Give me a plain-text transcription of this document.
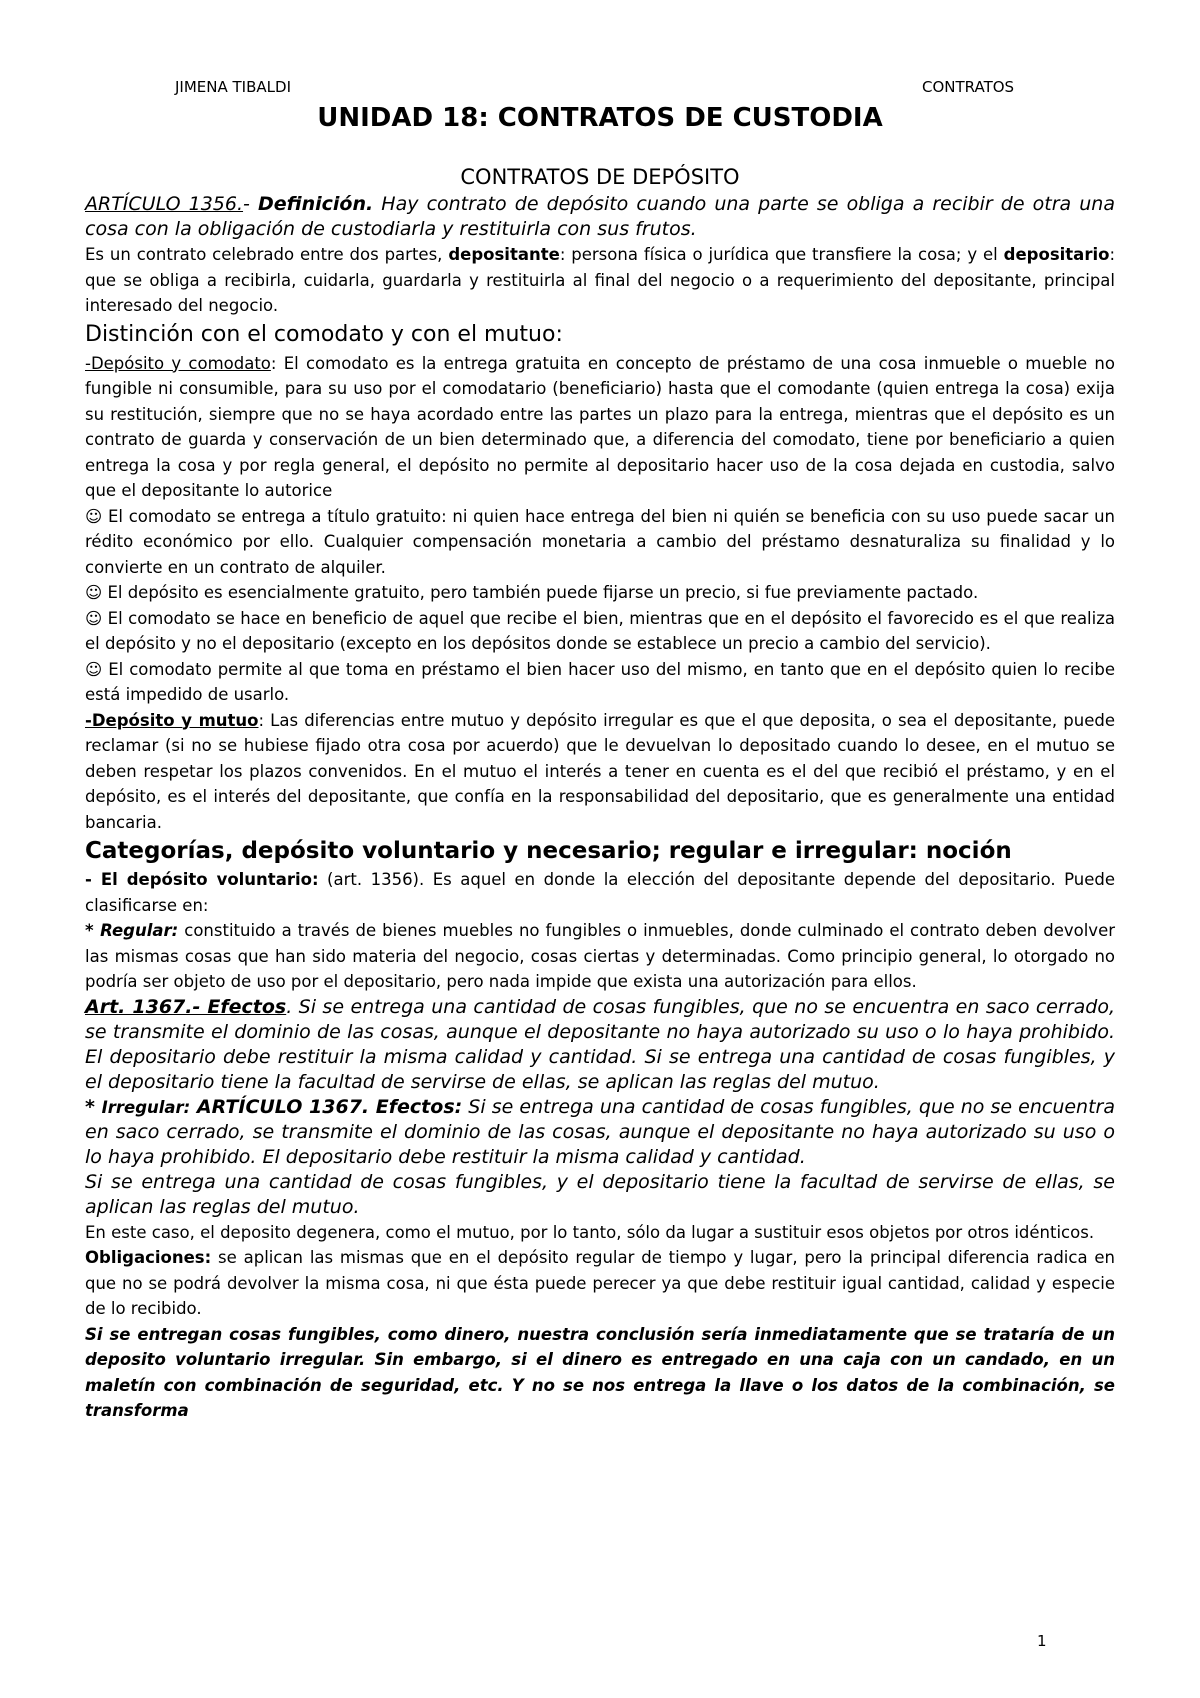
JIMENA TIBALDI	CONTRATOS

UNIDAD 18: CONTRATOS DE CUSTODIA

CONTRATOS DE DEPÓSITO

ARTÍCULO 1356.- Definición. Hay contrato de depósito cuando una parte se obliga a recibir de otra una cosa con la obligación de custodiarla y restituirla con sus frutos.

Es un contrato celebrado entre dos partes, depositante: persona física o jurídica que transfiere la cosa; y el depositario: que se obliga a recibirla, cuidarla, guardarla y restituirla al final del negocio o a requerimiento del depositante, principal interesado del negocio.

Distinción con el comodato y con el mutuo:

-Depósito y comodato: El comodato es la entrega gratuita en concepto de préstamo de una cosa inmueble o mueble no fungible ni consumible, para su uso por el comodatario (beneficiario) hasta que el comodante (quien entrega la cosa) exija su restitución, siempre que no se haya acordado entre las partes un plazo para la entrega, mientras que el depósito es un contrato de guarda y conservación de un bien determinado que, a diferencia del comodato, tiene por beneficiario a quien entrega la cosa y por regla general, el depósito no permite al depositario hacer uso de la cosa dejada en custodia, salvo que el depositante lo autorice

☺ El comodato se entrega a título gratuito: ni quien hace entrega del bien ni quién se beneficia con su uso puede sacar un rédito económico por ello. Cualquier compensación monetaria a cambio del préstamo desnaturaliza su finalidad y lo convierte en un contrato de alquiler.

☺ El depósito es esencialmente gratuito, pero también puede fijarse un precio, si fue previamente pactado.

☺ El comodato se hace en beneficio de aquel que recibe el bien, mientras que en el depósito el favorecido es el que realiza el depósito y no el depositario (excepto en los depósitos donde se establece un precio a cambio del servicio).

☺ El comodato permite al que toma en préstamo el bien hacer uso del mismo, en tanto que en el depósito quien lo recibe está impedido de usarlo.

-Depósito y mutuo: Las diferencias entre mutuo y depósito irregular es que el que deposita, o sea el depositante, puede reclamar (si no se hubiese fijado otra cosa por acuerdo) que le devuelvan lo depositado cuando lo desee, en el mutuo se deben respetar los plazos convenidos. En el mutuo el interés a tener en cuenta es el del que recibió el préstamo, y en el depósito, es el interés del depositante, que confía en la responsabilidad del depositario, que es generalmente una entidad bancaria.

Categorías, depósito voluntario y necesario; regular e irregular: noción

- El depósito voluntario: (art. 1356). Es aquel en donde la elección del depositante depende del depositario. Puede clasificarse en:

* Regular: constituido a través de bienes muebles no fungibles o inmuebles, donde culminado el contrato deben devolver las mismas cosas que han sido materia del negocio, cosas ciertas y determinadas. Como principio general, lo otorgado no podría ser objeto de uso por el depositario, pero nada impide que exista una autorización para ellos.

Art. 1367.- Efectos. Si se entrega una cantidad de cosas fungibles, que no se encuentra en saco cerrado, se transmite el dominio de las cosas, aunque el depositante no haya autorizado su uso o lo haya prohibido. El depositario debe restituir la misma calidad y cantidad. Si se entrega una cantidad de cosas fungibles, y el depositario tiene la facultad de servirse de ellas, se aplican las reglas del mutuo.

* Irregular: ARTÍCULO 1367. Efectos: Si se entrega una cantidad de cosas fungibles, que no se encuentra en saco cerrado, se transmite el dominio de las cosas, aunque el depositante no haya autorizado su uso o lo haya prohibido. El depositario debe restituir la misma calidad y cantidad.

Si se entrega una cantidad de cosas fungibles, y el depositario tiene la facultad de servirse de ellas, se aplican las reglas del mutuo.

En este caso, el deposito degenera, como el mutuo, por lo tanto, sólo da lugar a sustituir esos objetos por otros idénticos.

Obligaciones: se aplican las mismas que en el depósito regular de tiempo y lugar, pero la principal diferencia radica en que no se podrá devolver la misma cosa, ni que ésta puede perecer ya que debe restituir igual cantidad, calidad y especie de lo recibido.

Si se entregan cosas fungibles, como dinero, nuestra conclusión sería inmediatamente que se trataría de un deposito voluntario irregular. Sin embargo, si el dinero es entregado en una caja con un candado, en un maletín con combinación de seguridad, etc. Y no se nos entrega la llave o los datos de la combinación, se transforma

1
